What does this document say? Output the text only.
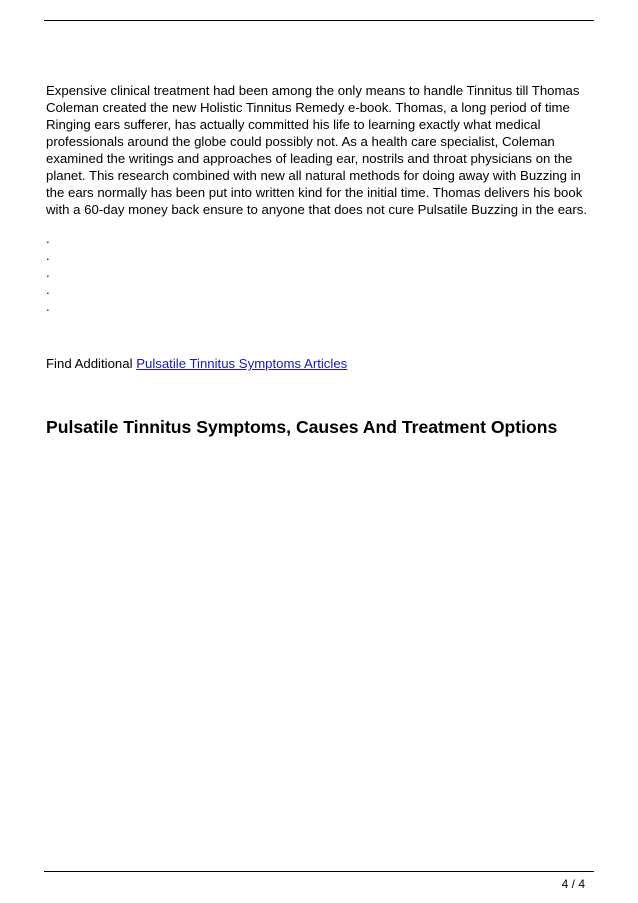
Expensive clinical treatment had been among the only means to handle Tinnitus till Thomas Coleman created the new Holistic Tinnitus Remedy e-book. Thomas, a long period of time Ringing ears sufferer, has actually committed his life to learning exactly what medical professionals around the globe could possibly not. As a health care specialist, Coleman examined the writings and approaches of leading ear, nostrils and throat physicians on the planet. This research combined with new all natural methods for doing away with Buzzing in the ears normally has been put into written kind for the initial time. Thomas delivers his book with a 60-day money back ensure to anyone that does not cure Pulsatile Buzzing in the ears.

.
.
.
.
.

Find Additional Pulsatile Tinnitus Symptoms Articles

Pulsatile Tinnitus Symptoms, Causes And Treatment Options

4 / 4
